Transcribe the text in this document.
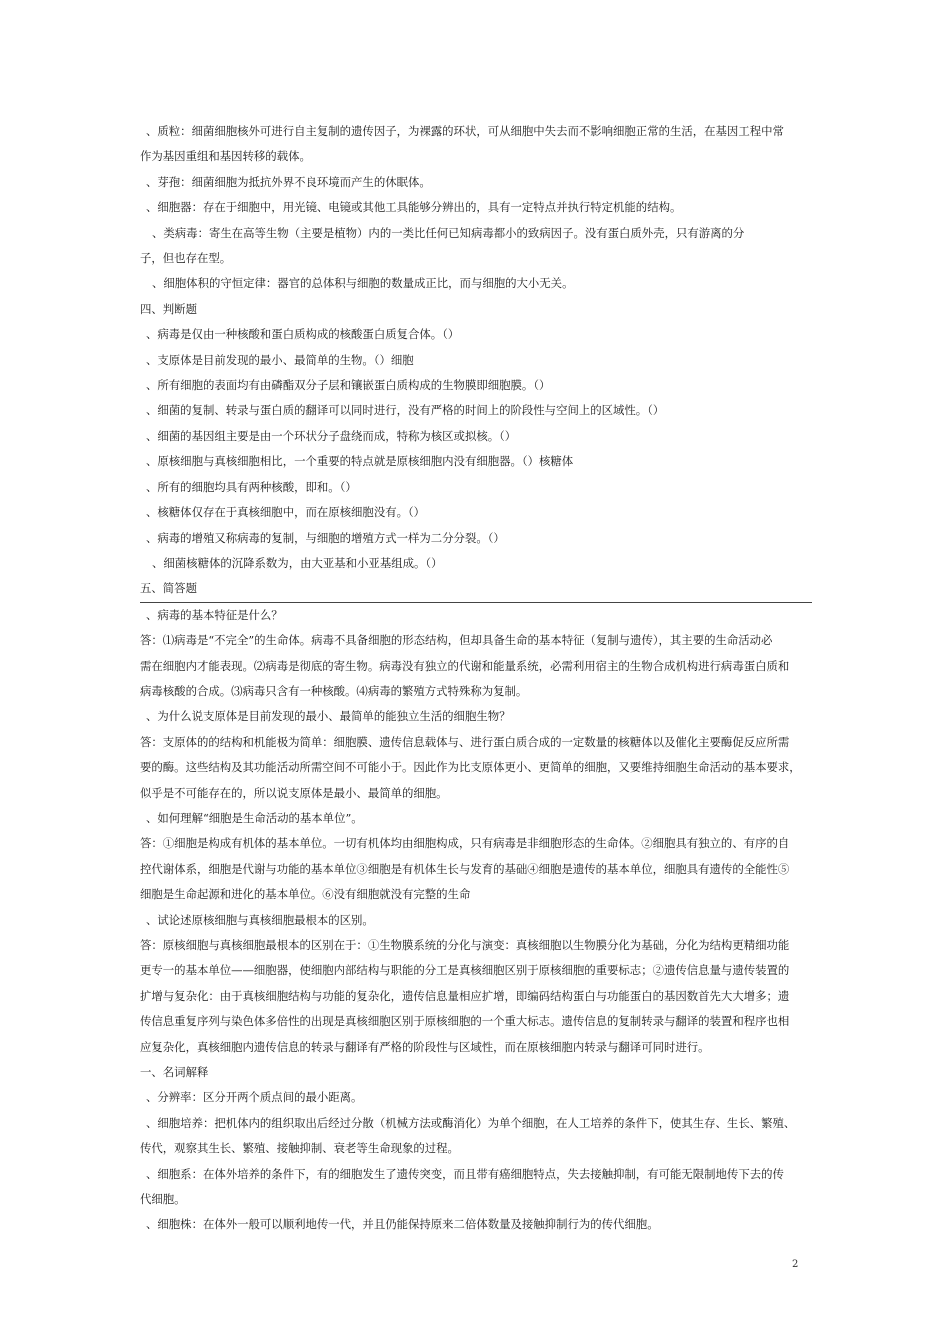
、质粒：细菌细胞核外可进行自主复制的遗传因子，为裸露的环状，可从细胞中失去而不影响细胞正常的生活，在基因工程中常
作为基因重组和基因转移的载体。
、芽孢：细菌细胞为抵抗外界不良环境而产生的休眠体。
、细胞器：存在于细胞中，用光镜、电镜或其他工具能够分辨出的，具有一定特点并执行特定机能的结构。
、类病毒：寄生在高等生物（主要是植物）内的一类比任何已知病毒都小的致病因子。没有蛋白质外壳，只有游离的分
子，但也存在型。
、细胞体积的守恒定律：器官的总体积与细胞的数量成正比，而与细胞的大小无关。
四、判断题
、病毒是仅由一种核酸和蛋白质构成的核酸蛋白质复合体。（）
、支原体是目前发现的最小、最简单的生物。（）细胞
、所有细胞的表面均有由磷酯双分子层和镶嵌蛋白质构成的生物膜即细胞膜。（）
、细菌的复制、转录与蛋白质的翻译可以同时进行，没有严格的时间上的阶段性与空间上的区域性。（）
、细菌的基因组主要是由一个环状分子盘绕而成，特称为核区或拟核。（）
、原核细胞与真核细胞相比，一个重要的特点就是原核细胞内没有细胞器。（）核糖体
、所有的细胞均具有两种核酸，即和。（）
、核糖体仅存在于真核细胞中，而在原核细胞没有。（）
、病毒的增殖又称病毒的复制，与细胞的增殖方式一样为二分分裂。（）
、细菌核糖体的沉降系数为，由大亚基和小亚基组成。（）
五、简答题
、病毒的基本特征是什么？
答：⑴病毒是“不完全”的生命体。病毒不具备细胞的形态结构，但却具备生命的基本特征（复制与遗传），其主要的生命活动必
需在细胞内才能表现。⑵病毒是彻底的寄生物。病毒没有独立的代谢和能量系统，必需利用宿主的生物合成机构进行病毒蛋白质和
病毒核酸的合成。⑶病毒只含有一种核酸。⑷病毒的繁殖方式特殊称为复制。
、为什么说支原体是目前发现的最小、最简单的能独立生活的细胞生物？
答：支原体的的结构和机能极为简单：细胞膜、遗传信息载体与、进行蛋白质合成的一定数量的核糖体以及催化主要酶促反应所需
要的酶。这些结构及其功能活动所需空间不可能小于。因此作为比支原体更小、更简单的细胞，又要维持细胞生命活动的基本要求，
似乎是不可能存在的，所以说支原体是最小、最简单的细胞。
、如何理解“细胞是生命活动的基本单位”。
答：①细胞是构成有机体的基本单位。一切有机体均由细胞构成，只有病毒是非细胞形态的生命体。②细胞具有独立的、有序的自
控代谢体系，细胞是代谢与功能的基本单位③细胞是有机体生长与发育的基础④细胞是遗传的基本单位，细胞具有遗传的全能性⑤
细胞是生命起源和进化的基本单位。⑥没有细胞就没有完整的生命
、试论述原核细胞与真核细胞最根本的区别。
答：原核细胞与真核细胞最根本的区别在于：①生物膜系统的分化与演变：真核细胞以生物膜分化为基础，分化为结构更精细功能
更专一的基本单位——细胞器，使细胞内部结构与职能的分工是真核细胞区别于原核细胞的重要标志；②遗传信息量与遗传装置的
扩增与复杂化：由于真核细胞结构与功能的复杂化，遗传信息量相应扩增，即编码结构蛋白与功能蛋白的基因数首先大大增多；遗
传信息重复序列与染色体多倍性的出现是真核细胞区别于原核细胞的一个重大标志。遗传信息的复制转录与翻译的装置和程序也相
应复杂化，真核细胞内遗传信息的转录与翻译有严格的阶段性与区域性，而在原核细胞内转录与翻译可同时进行。
一、名词解释
、分辨率：区分开两个质点间的最小距离。
、细胞培养：把机体内的组织取出后经过分散（机械方法或酶消化）为单个细胞，在人工培养的条件下，使其生存、生长、繁殖、
传代，观察其生长、繁殖、接触抑制、衰老等生命现象的过程。
、细胞系：在体外培养的条件下，有的细胞发生了遗传突变，而且带有癌细胞特点，失去接触抑制，有可能无限制地传下去的传
代细胞。
、细胞株：在体外一般可以顺利地传一代，并且仍能保持原来二倍体数量及接触抑制行为的传代细胞。
2
